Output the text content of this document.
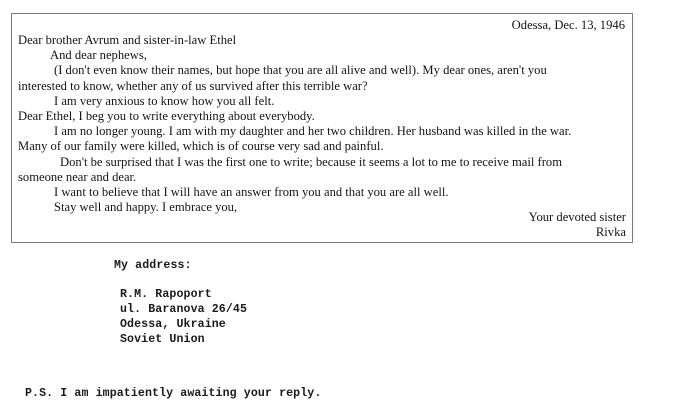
Odessa, Dec. 13, 1946
Dear brother Avrum and sister-in-law Ethel
And dear nephews,
(I don't even know their names, but hope that you are all alive and well). My dear ones, aren't you
interested to know, whether any of us survived after this terrible war?
I am very anxious to know how you all felt.
Dear Ethel, I beg you to write everything about everybody.
I am no longer young. I am with my daughter and her two children. Her husband was killed in the war.
Many of our family were killed, which is of course very sad and painful.
Don't be surprised that I was the first one to write; because it seems a lot to me to receive mail from
someone near and dear.
I want to believe that I will have an answer from you and that you are all well.
Stay well and happy. I embrace you,
Your devoted sister
Rivka
My address:
R.M. Rapoport
ul. Baranova 26/45
Odessa, Ukraine
Soviet Union
P.S. I am impatiently awaiting your reply.
